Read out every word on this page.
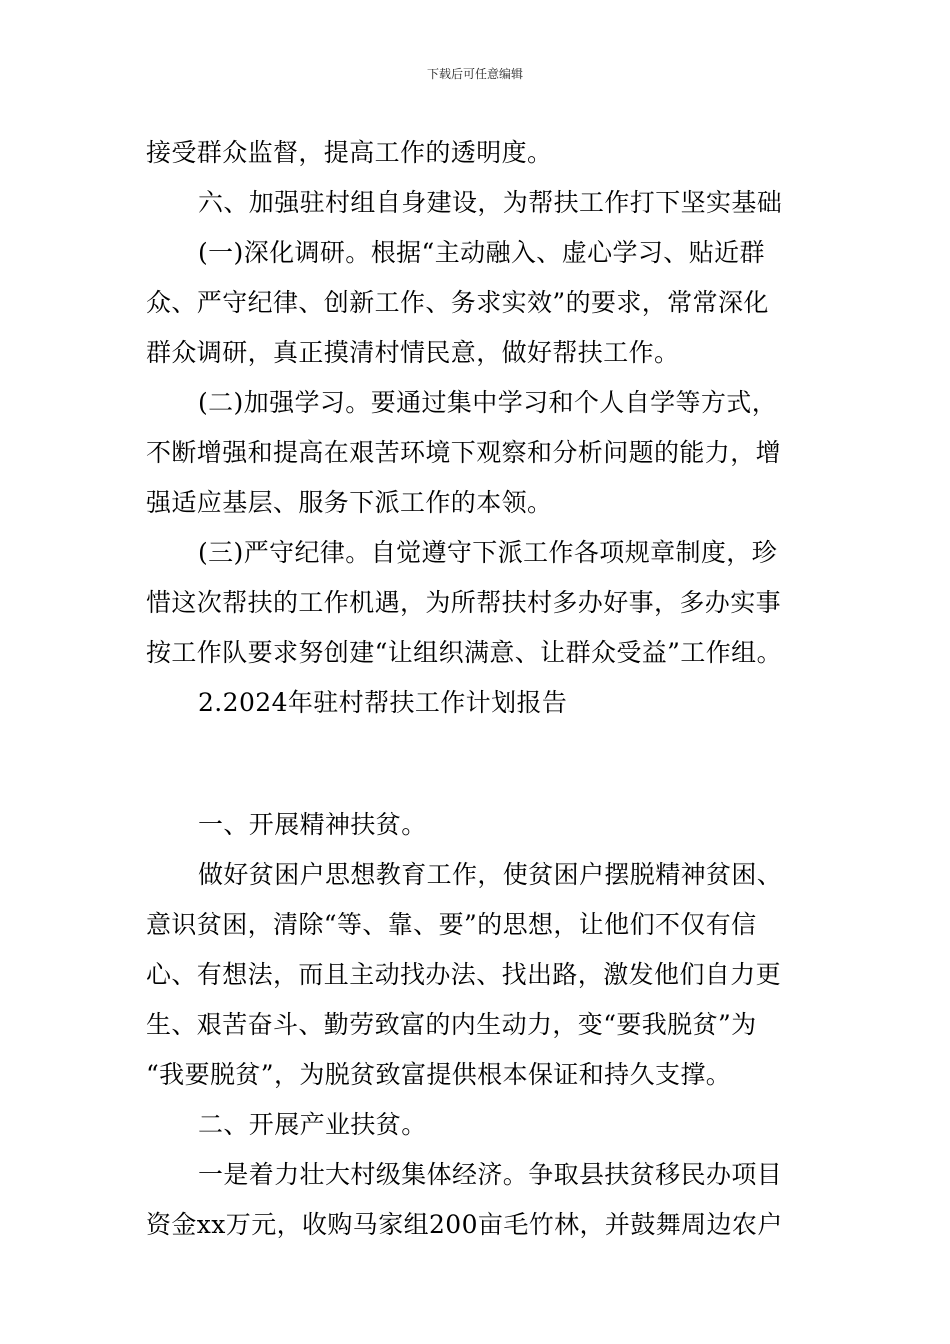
下载后可任意编辑
接受群众监督，提高工作的透明度。
六、加强驻村组自身建设，为帮扶工作打下坚实基础
(一)深化调研。根据“主动融入、虚心学习、贴近群
众、严守纪律、创新工作、务求实效”的要求，常常深化
群众调研，真正摸清村情民意，做好帮扶工作。
(二)加强学习。要通过集中学习和个人自学等方式，
不断增强和提高在艰苦环境下观察和分析问题的能力，增
强适应基层、服务下派工作的本领。
(三)严守纪律。自觉遵守下派工作各项规章制度，珍
惜这次帮扶的工作机遇，为所帮扶村多办好事，多办实事
按工作队要求努创建“让组织满意、让群众受益”工作组。
2.2024年驻村帮扶工作计划报告
一、开展精神扶贫。
做好贫困户思想教育工作，使贫困户摆脱精神贫困、
意识贫困，清除“等、靠、要”的思想，让他们不仅有信
心、有想法，而且主动找办法、找出路，激发他们自力更
生、艰苦奋斗、勤劳致富的内生动力，变“要我脱贫”为
“我要脱贫”，为脱贫致富提供根本保证和持久支撑。
二、开展产业扶贫。
一是着力壮大村级集体经济。争取县扶贫移民办项目
资金xx万元，收购马家组200亩毛竹林，并鼓舞周边农户
